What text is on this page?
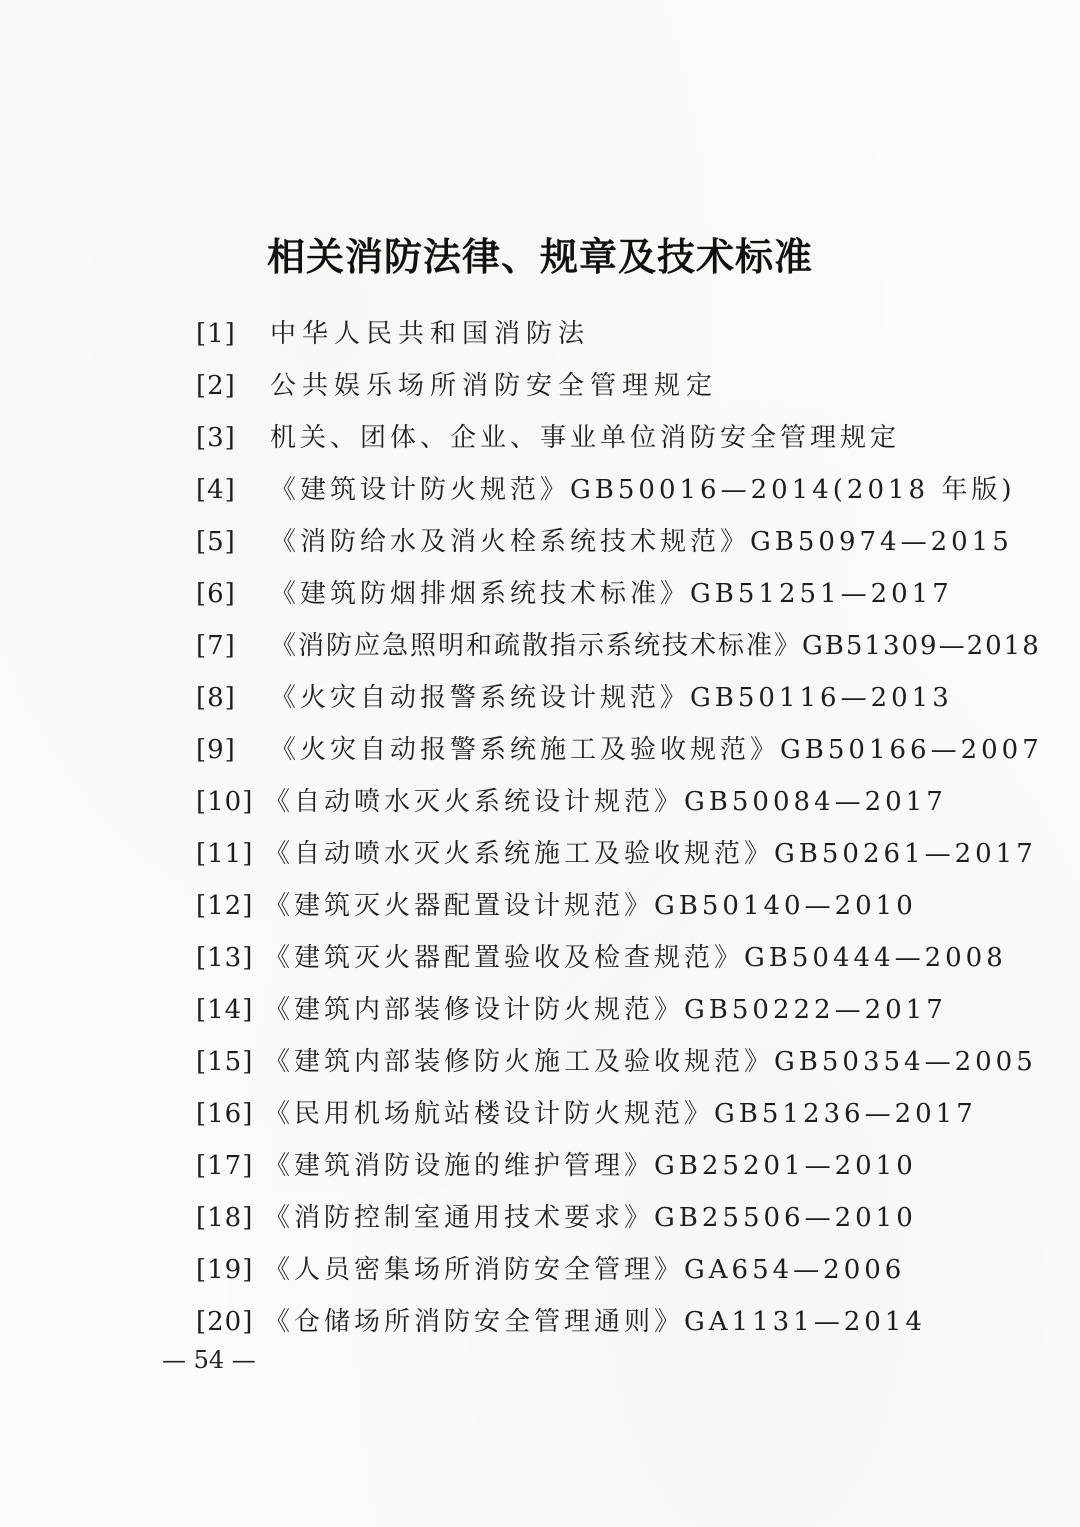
相关消防法律、规章及技术标准
[1] 中华人民共和国消防法
[2] 公共娱乐场所消防安全管理规定
[3] 机关、团体、企业、事业单位消防安全管理规定
[4] 《建筑设计防火规范》GB50016—2014(2018 年版)
[5] 《消防给水及消火栓系统技术规范》GB50974—2015
[6] 《建筑防烟排烟系统技术标准》GB51251—2017
[7] 《消防应急照明和疏散指示系统技术标准》GB51309—2018
[8] 《火灾自动报警系统设计规范》GB50116—2013
[9] 《火灾自动报警系统施工及验收规范》GB50166—2007
[10] 《自动喷水灭火系统设计规范》GB50084—2017
[11] 《自动喷水灭火系统施工及验收规范》GB50261—2017
[12] 《建筑灭火器配置设计规范》GB50140—2010
[13] 《建筑灭火器配置验收及检查规范》GB50444—2008
[14] 《建筑内部装修设计防火规范》GB50222—2017
[15] 《建筑内部装修防火施工及验收规范》GB50354—2005
[16] 《民用机场航站楼设计防火规范》GB51236—2017
[17] 《建筑消防设施的维护管理》GB25201—2010
[18] 《消防控制室通用技术要求》GB25506—2010
[19] 《人员密集场所消防安全管理》GA654—2006
[20] 《仓储场所消防安全管理通则》GA1131—2014
— 54 —
